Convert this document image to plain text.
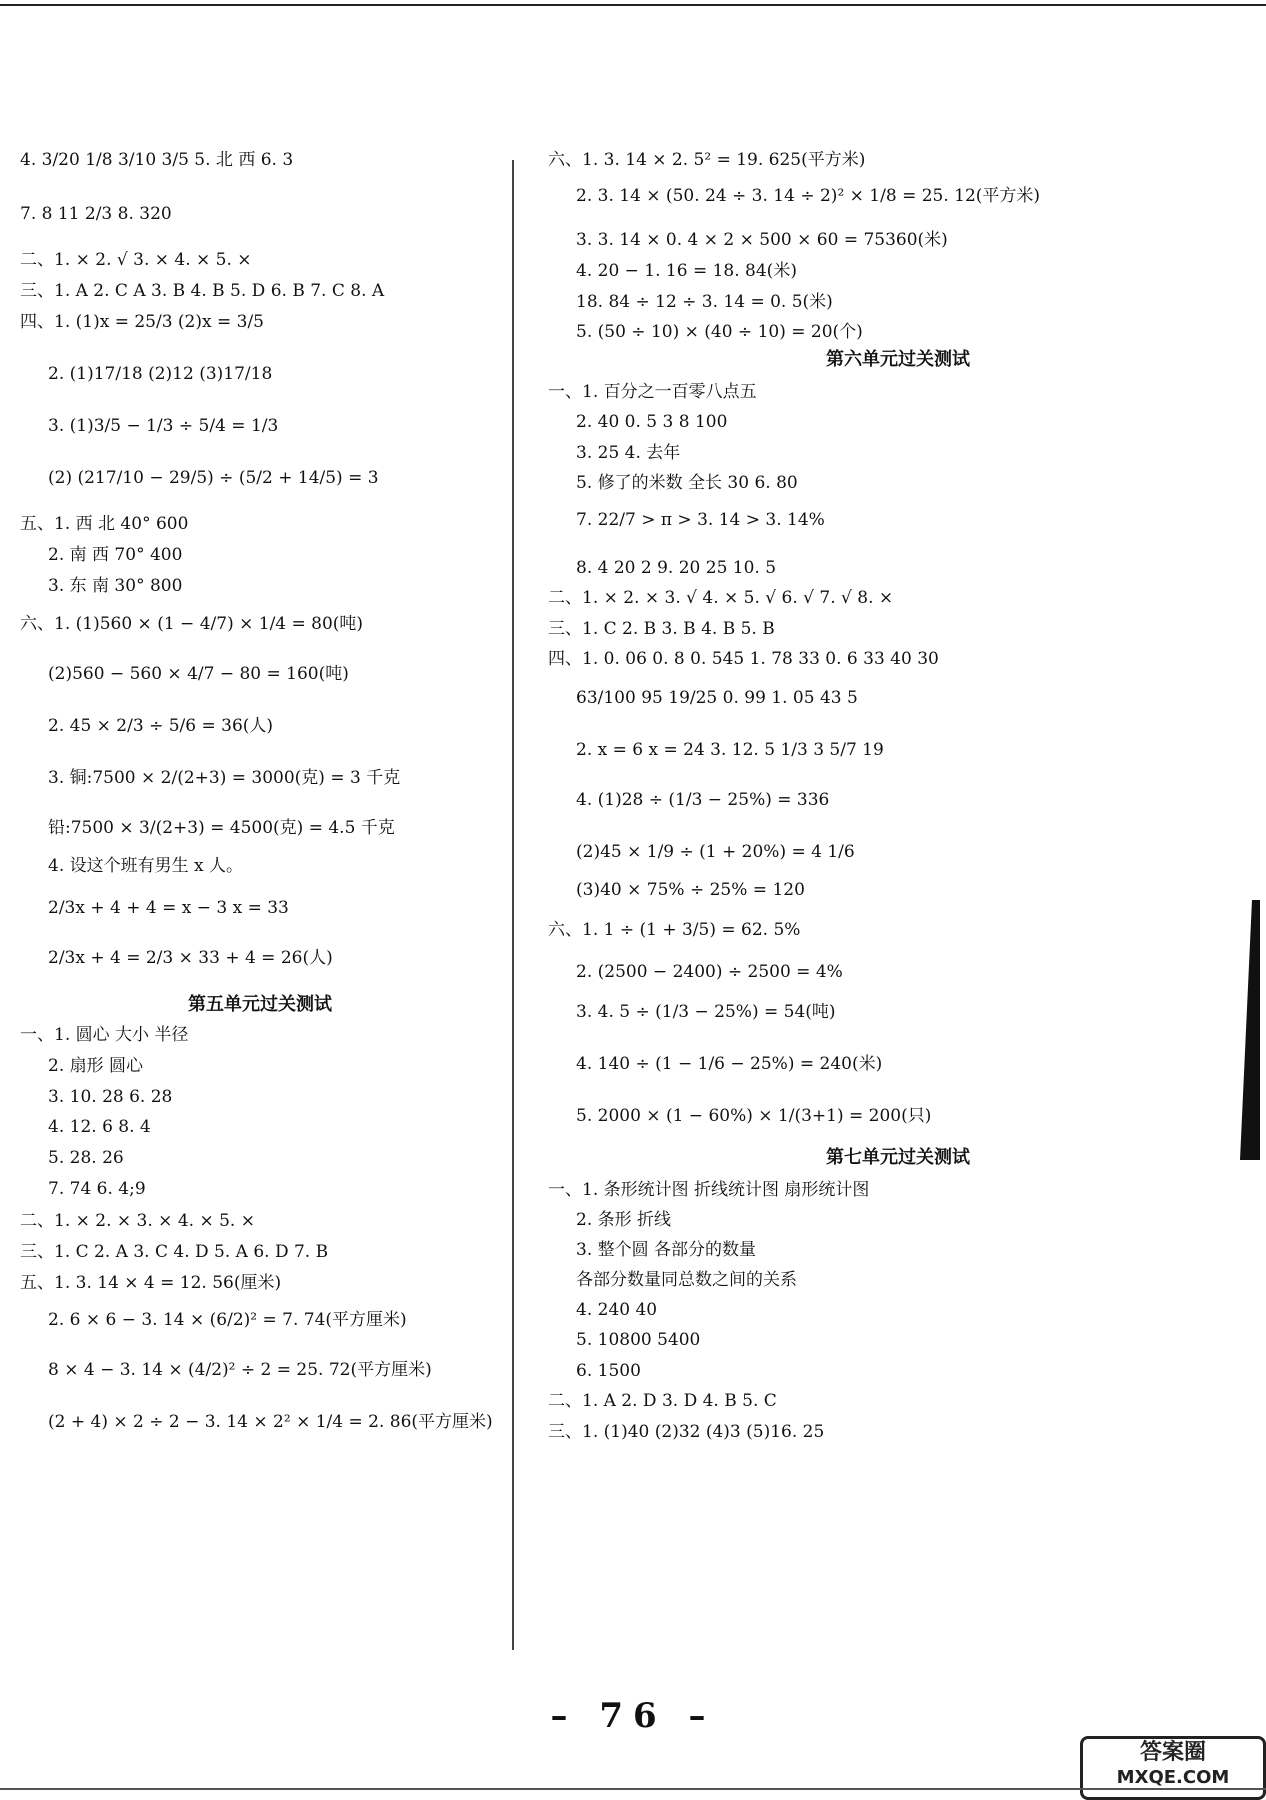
4. 3/20 1/8 3/10 3/5 5. 北 西 6. 3
7. 8 11 2/3 8. 320
二、1. × 2. √ 3. × 4. × 5. ×
三、1. A 2. C A 3. B 4. B 5. D 6. B 7. C 8. A
四、1. (1)x = 25/3 (2)x = 3/5
2. (1)17/18 (2)12 (3)17/18
3. (1)3/5 − 1/3 ÷ 5/4 = 1/3
(2) (217/10 − 29/5) ÷ (5/2 + 14/5) = 3
五、1. 西 北 40° 600
2. 南 西 70° 400
3. 东 南 30° 800
六、1. (1)560 × (1 − 4/7) × 1/4 = 80(吨)
(2)560 − 560 × 4/7 − 80 = 160(吨)
2. 45 × 2/3 ÷ 5/6 = 36(人)
3. 铜:7500 × 2/(2+3) = 3000(克) = 3 千克
铅:7500 × 3/(2+3) = 4500(克) = 4.5 千克
4. 设这个班有男生 x 人。
2/3x + 4 + 4 = x − 3 x = 33
2/3x + 4 = 2/3 × 33 + 4 = 26(人)
第五单元过关测试
一、1. 圆心 大小 半径
2. 扇形 圆心
3. 10. 28 6. 28
4. 12. 6 8. 4
5. 28. 26
7. 74 6. 4;9
二、1. × 2. × 3. × 4. × 5. ×
三、1. C 2. A 3. C 4. D 5. A 6. D 7. B
五、1. 3. 14 × 4 = 12. 56(厘米)
2. 6 × 6 − 3. 14 × (6/2)² = 7. 74(平方厘米)
8 × 4 − 3. 14 × (4/2)² ÷ 2 = 25. 72(平方厘米)
(2 + 4) × 2 ÷ 2 − 3. 14 × 2² × 1/4 = 2. 86(平方厘米)
六、1. 3. 14 × 2. 5² = 19. 625(平方米)
2. 3. 14 × (50. 24 ÷ 3. 14 ÷ 2)² × 1/8 = 25. 12(平方米)
3. 3. 14 × 0. 4 × 2 × 500 × 60 = 75360(米)
4. 20 − 1. 16 = 18. 84(米)
18. 84 ÷ 12 ÷ 3. 14 = 0. 5(米)
5. (50 ÷ 10) × (40 ÷ 10) = 20(个)
第六单元过关测试
一、1. 百分之一百零八点五
2. 40 0. 5 3 8 100
3. 25 4. 去年
5. 修了的米数 全长 30 6. 80
7. 22/7 > π > 3. 14 > 3. 14%
8. 4 20 2 9. 20 25 10. 5
二、1. × 2. × 3. √ 4. × 5. √ 6. √ 7. √ 8. ×
三、1. C 2. B 3. B 4. B 5. B
四、1. 0. 06 0. 8 0. 545 1. 78 33 0. 6 33 40 30
63/100 95 19/25 0. 99 1. 05 43 5
2. x = 6 x = 24 3. 12. 5 1/3 3 5/7 19
4. (1)28 ÷ (1/3 − 25%) = 336
(2)45 × 1/9 ÷ (1 + 20%) = 4 1/6
(3)40 × 75% ÷ 25% = 120
六、1. 1 ÷ (1 + 3/5) = 62. 5%
2. (2500 − 2400) ÷ 2500 = 4%
3. 4. 5 ÷ (1/3 − 25%) = 54(吨)
4. 140 ÷ (1 − 1/6 − 25%) = 240(米)
5. 2000 × (1 − 60%) × 1/(3+1) = 200(只)
第七单元过关测试
一、1. 条形统计图 折线统计图 扇形统计图
2. 条形 折线
3. 整个圆 各部分的数量
各部分数量同总数之间的关系
4. 240 40
5. 10800 5400
6. 1500
二、1. A 2. D 3. D 4. B 5. C
三、1. (1)40 (2)32 (4)3 (5)16. 25
– 76 –
答案圈
MXQE.COM
